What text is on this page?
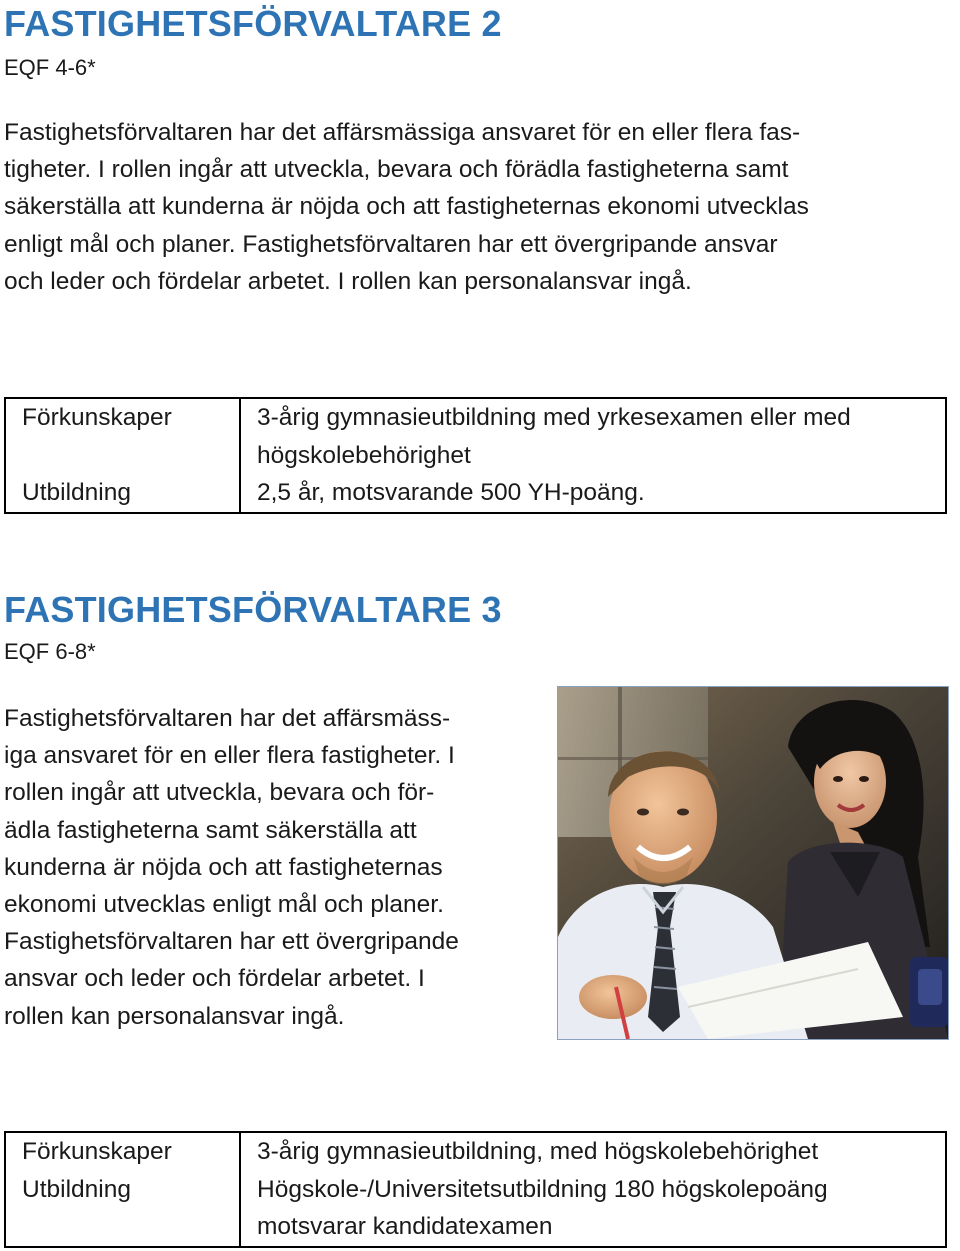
FASTIGHETSFÖRVALTARE 2

EQF 4-6*

Fastighetsförvaltaren har det affärsmässiga ansvaret för en eller flera fas-
tigheter. I rollen ingår att utveckla, bevara och förädla fastigheterna samt
säkerställa att kunderna är nöjda och att fastigheternas ekonomi utvecklas
enligt mål och planer. Fastighetsförvaltaren har ett övergripande ansvar
och leder och fördelar arbetet. I rollen kan personalansvar ingå.

Förkunskaper	3-årig gymnasieutbildning med yrkesexamen eller med
högskolebehörighet

Utbildning	2,5 år, motsvarande 500 YH-poäng.
FASTIGHETSFÖRVALTARE 3

EQF 6-8*

Fastighetsförvaltaren har det affärsmäss-
iga ansvaret för en eller flera fastigheter. I
rollen ingår att utveckla, bevara och för-
ädla fastigheterna samt säkerställa att
kunderna är nöjda och att fastigheternas
ekonomi utvecklas enligt mål och planer.
Fastighetsförvaltaren har ett övergripande
ansvar och leder och fördelar arbetet. I
rollen kan personalansvar ingå.

Förkunskaper	3-årig gymnasieutbildning, med högskolebehörighet

Utbildning	Högskole-/Universitetsutbildning 180 högskolepoäng
motsvarar kandidatexamen
